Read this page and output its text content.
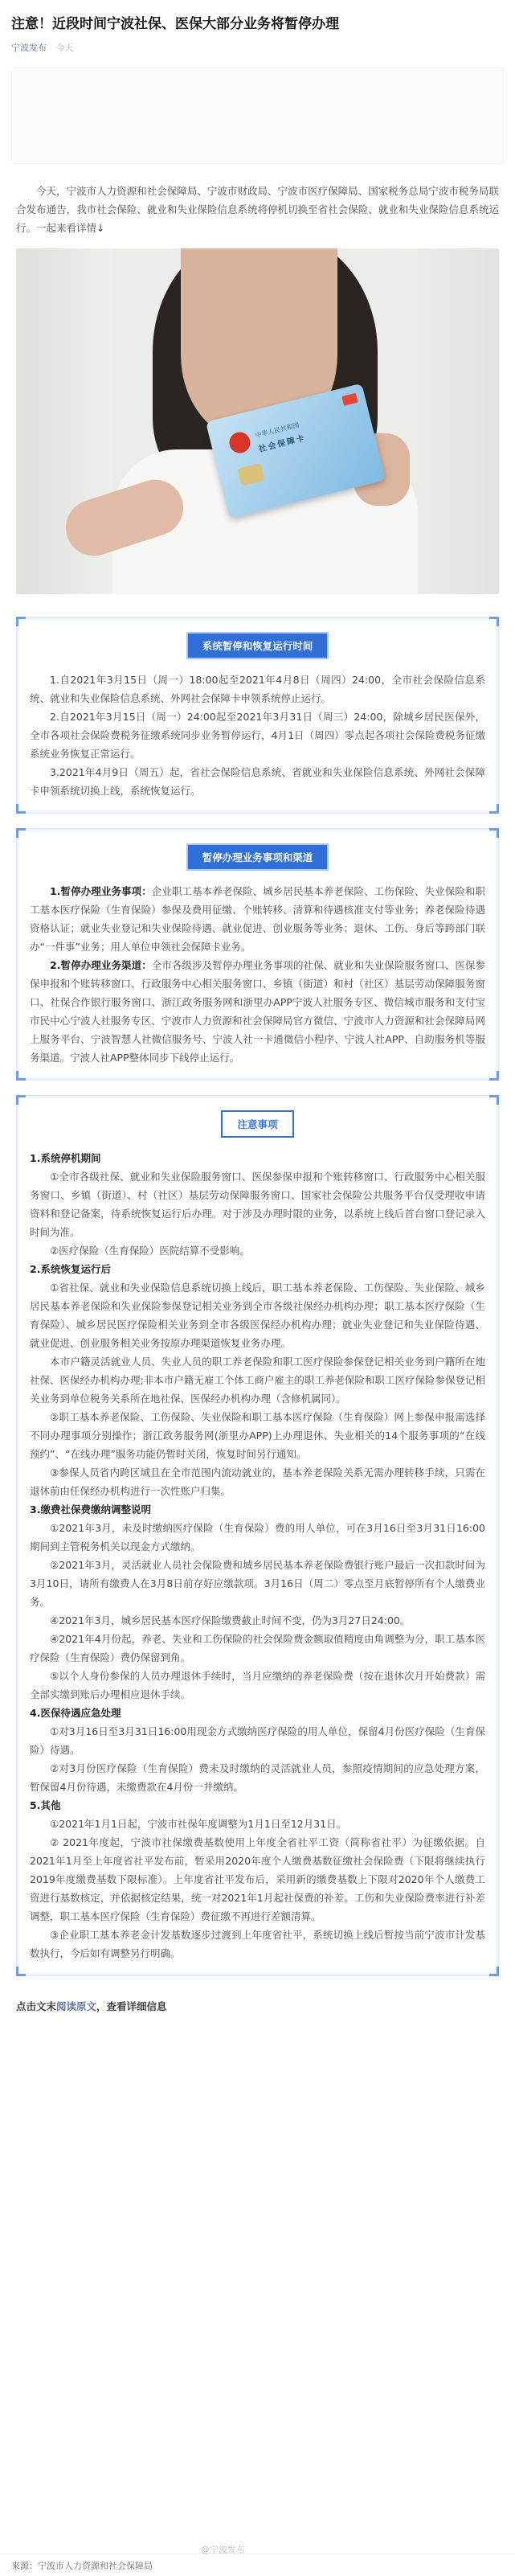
注意！近段时间宁波社保、医保大部分业务将暂停办理
宁波发布 今天
今天，宁波市人力资源和社会保障局、宁波市财政局、宁波市医疗保障局、国家税务总局宁波市税务局联合发布通告，我市社会保险、就业和失业保险信息系统将停机切换至省社会保险、就业和失业保险信息系统运行。一起来看详情↓
中华人民共和国
社会保障卡
系统暂停和恢复运行时间

1.自2021年3月15日（周一）18:00起至2021年4月8日（周四）24:00，全市社会保险信息系统、就业和失业保险信息系统、外网社会保障卡申领系统停止运行。

2.自2021年3月15日（周一）24:00起至2021年3月31日（周三）24:00，除城乡居民医保外，全市各项社会保险费税务征缴系统同步业务暂停运行，4月1日（周四）零点起各项社会保险费税务征缴系统业务恢复正常运行。

3.2021年4月9日（周五）起，省社会保险信息系统、省就业和失业保险信息系统、外网社会保障卡申领系统切换上线，系统恢复运行。

暂停办理业务事项和渠道

1.暂停办理业务事项：企业职工基本养老保险、城乡居民基本养老保险、工伤保险、失业保险和职工基本医疗保险（生育保险）参保及费用征缴、个账转移、清算和待遇核准支付等业务；养老保险待遇资格认证；就业失业登记和失业保险待遇、就业促进、创业服务等业务；退休、工伤、身后等跨部门联办“一件事”业务；用人单位申领社会保障卡业务。

2.暂停办理业务渠道：全市各级涉及暂停办理业务事项的社保、就业和失业保险服务窗口、医保参保申报和个账转移窗口、行政服务中心相关服务窗口、乡镇（街道）和村（社区）基层劳动保障服务窗口、社保合作银行服务窗口、浙江政务服务网和浙里办APP宁波人社服务专区、微信城市服务和支付宝市民中心宁波人社服务专区、宁波市人力资源和社会保障局官方微信、宁波市人力资源和社会保障局网上服务平台、宁波智慧人社微信服务号、宁波人社一卡通微信小程序、宁波人社APP、自助服务机等服务渠道。宁波人社APP整体同步下线停止运行。

注意事项

1.系统停机期间

①全市各级社保、就业和失业保险服务窗口、医保参保申报和个账转移窗口、行政服务中心相关服务窗口、乡镇（街道）、村（社区）基层劳动保障服务窗口、国家社会保险公共服务平台仅受理收申请资料和登记备案，待系统恢复运行后办理。对于涉及办理时限的业务，以系统上线后首台窗口登记录入时间为准。

②医疗保险（生育保险）医院结算不受影响。

2.系统恢复运行后

①省社保、就业和失业保险信息系统切换上线后，职工基本养老保险、工伤保险、失业保险、城乡居民基本养老保险和失业保险参保登记相关业务到全市各级社保经办机构办理；职工基本医疗保险（生育保险）、城乡居民医疗保险相关业务到全市各级医保经办机构办理；就业失业登记和失业保险待遇、就业促进、创业服务相关业务按原办理渠道恢复业务办理。

本市户籍灵活就业人员、失业人员的职工养老保险和职工医疗保险参保登记相关业务到户籍所在地社保、医保经办机构办理;非本市户籍无雇工个体工商户雇主的职工养老保险和职工医疗保险参保登记相关业务到单位税务关系所在地社保、医保经办机构办理（含修机属同）。

②职工基本养老保险、工伤保险、失业保险和职工基本医疗保险（生育保险）网上参保申报需选择不同办理事项分别操作；浙江政务服务网(浙里办APP)上办理退休、失业相关的14个服务事项的“在线预约”、“在线办理”服务功能仍暂时关闭，恢复时间另行通知。

③参保人员省内跨区域且在全市范围内流动就业的，基本养老保险关系无需办理转移手续，只需在退休前由任保经办机构进行一次性账户归集。

3.缴费社保费缴纳调整说明

①2021年3月，未及时缴纳医疗保险（生育保险）费的用人单位，可在3月16日至3月31日16:00期间到主管税务机关以现金方式缴纳。

②2021年3月，灵活就业人员社会保险费和城乡居民基本养老保险费银行账户最后一次扣款时间为3月10日，请所有缴费人在3月8日前存好应缴款项。3月16日（周二）零点至月底暂停所有个人缴费业务。

④2021年3月，城乡居民基本医疗保险缴费截止时间不变，仍为3月27日24:00。

④2021年4月份起，养老、失业和工伤保险的社会保险费金额取值精度由角调整为分，职工基本医疗保险（生育保险）费仍保留到角。

⑤以个人身份参保的人员办理退休手续时，当月应缴纳的养老保险费（按在退休次月开始费款）需全部实缴到账后办理相应退休手续。

4.医保待遇应急处理

①对3月16日至3月31日16:00用现金方式缴纳医疗保险的用人单位，保留4月份医疗保险（生育保险）待遇。

②对3月份医疗保险（生育保险）费未及时缴纳的灵活就业人员，参照疫情期间的应急处理方案，暂保留4月份待遇，未缴费款在4月份一并缴纳。

5.其他

①2021年1月1日起，宁波市社保年度调整为1月1日至12月31日。

② 2021年度起，宁波市社保缴费基数使用上年度全省社平工资（简称省社平）为征缴依据。自2021年1月至上年度省社平发布前，暂采用2020年度个人缴费基数征缴社会保险费（下限将继续执行2019年度缴费基数下限标准）。上年度省社平发布后，采用新的缴费基数上下限对2020年个人缴费工资进行基数核定，并依据核定结果，统一对2021年1月起社保费的补差。工伤和失业保险费率进行补差调整，职工基本医疗保险（生育保险）费征缴不再进行差额清算。

③企业职工基本养老金计发基数逐步过渡到上年度省社平，系统切换上线后暂按当前宁波市计发基数执行，今后如有调整另行明确。

点击文末阅读原文，查看详细信息
来源：宁波市人力资源和社会保障局
@宁波发布
